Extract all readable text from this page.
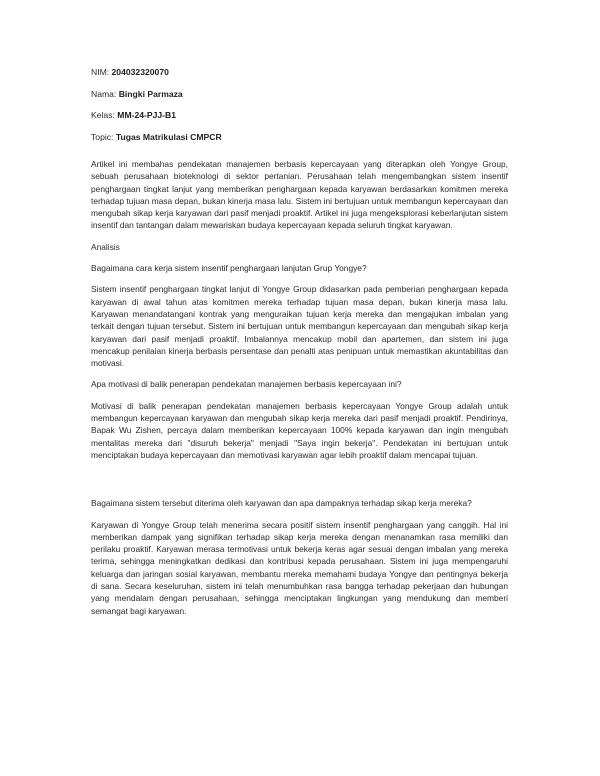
NIM: 204032320070
Nama: Bingki Parmaza
Kelas: MM-24-PJJ-B1
Topic: Tugas Matrikulasi CMPCR

Artikel ini membahas pendekatan manajemen berbasis kepercayaan yang diterapkan oleh Yongye Group, sebuah perusahaan bioteknologi di sektor pertanian. Perusahaan telah mengembangkan sistem insentif penghargaan tingkat lanjut yang memberikan penghargaan kepada karyawan berdasarkan komitmen mereka terhadap tujuan masa depan, bukan kinerja masa lalu. Sistem ini bertujuan untuk membangun kepercayaan dan mengubah sikap kerja karyawan dari pasif menjadi proaktif. Artikel ini juga mengeksplorasi keberlanjutan sistem insentif dan tantangan dalam mewariskan budaya kepercayaan kepada seluruh tingkat karyawan.

Analisis

Bagaimana cara kerja sistem insentif penghargaan lanjutan Grup Yongye?

Sistem insentif penghargaan tingkat lanjut di Yongye Group didasarkan pada pemberian penghargaan kepada karyawan di awal tahun atas komitmen mereka terhadap tujuan masa depan, bukan kinerja masa lalu. Karyawan menandatangani kontrak yang menguraikan tujuan kerja mereka dan mengajukan imbalan yang terkait dengan tujuan tersebut. Sistem ini bertujuan untuk membangun kepercayaan dan mengubah sikap kerja karyawan dari pasif menjadi proaktif. Imbalannya mencakup mobil dan apartemen, dan sistem ini juga mencakup penilaian kinerja berbasis persentase dan penalti atas penipuan untuk memastikan akuntabilitas dan motivasi.

Apa motivasi di balik penerapan pendekatan manajemen berbasis kepercayaan ini?

Motivasi di balik penerapan pendekatan manajemen berbasis kepercayaan Yongye Group adalah untuk membangun kepercayaan karyawan dan mengubah sikap kerja mereka dari pasif menjadi proaktif. Pendirinya, Bapak Wu Zishen, percaya dalam memberikan kepercayaan 100% kepada karyawan dan ingin mengubah mentalitas mereka dari "disuruh bekerja" menjadi "Saya ingin bekerja". Pendekatan ini bertujuan untuk menciptakan budaya kepercayaan dan memotivasi karyawan agar lebih proaktif dalam mencapai tujuan.

Bagaimana sistem tersebut diterima oleh karyawan dan apa dampaknya terhadap sikap kerja mereka?

Karyawan di Yongye Group telah menerima secara positif sistem insentif penghargaan yang canggih. Hal ini memberikan dampak yang signifikan terhadap sikap kerja mereka dengan menanamkan rasa memiliki dan perilaku proaktif. Karyawan merasa termotivasi untuk bekerja keras agar sesuai dengan imbalan yang mereka terima, sehingga meningkatkan dedikasi dan kontribusi kepada perusahaan. Sistem ini juga mempengaruhi keluarga dan jaringan sosial karyawan, membantu mereka memahami budaya Yongye dan pentingnya bekerja di sana. Secara keseluruhan, sistem ini telah menumbuhkan rasa bangga terhadap pekerjaan dan hubungan yang mendalam dengan perusahaan, sehingga menciptakan lingkungan yang mendukung dan memberi semangat bagi karyawan.
